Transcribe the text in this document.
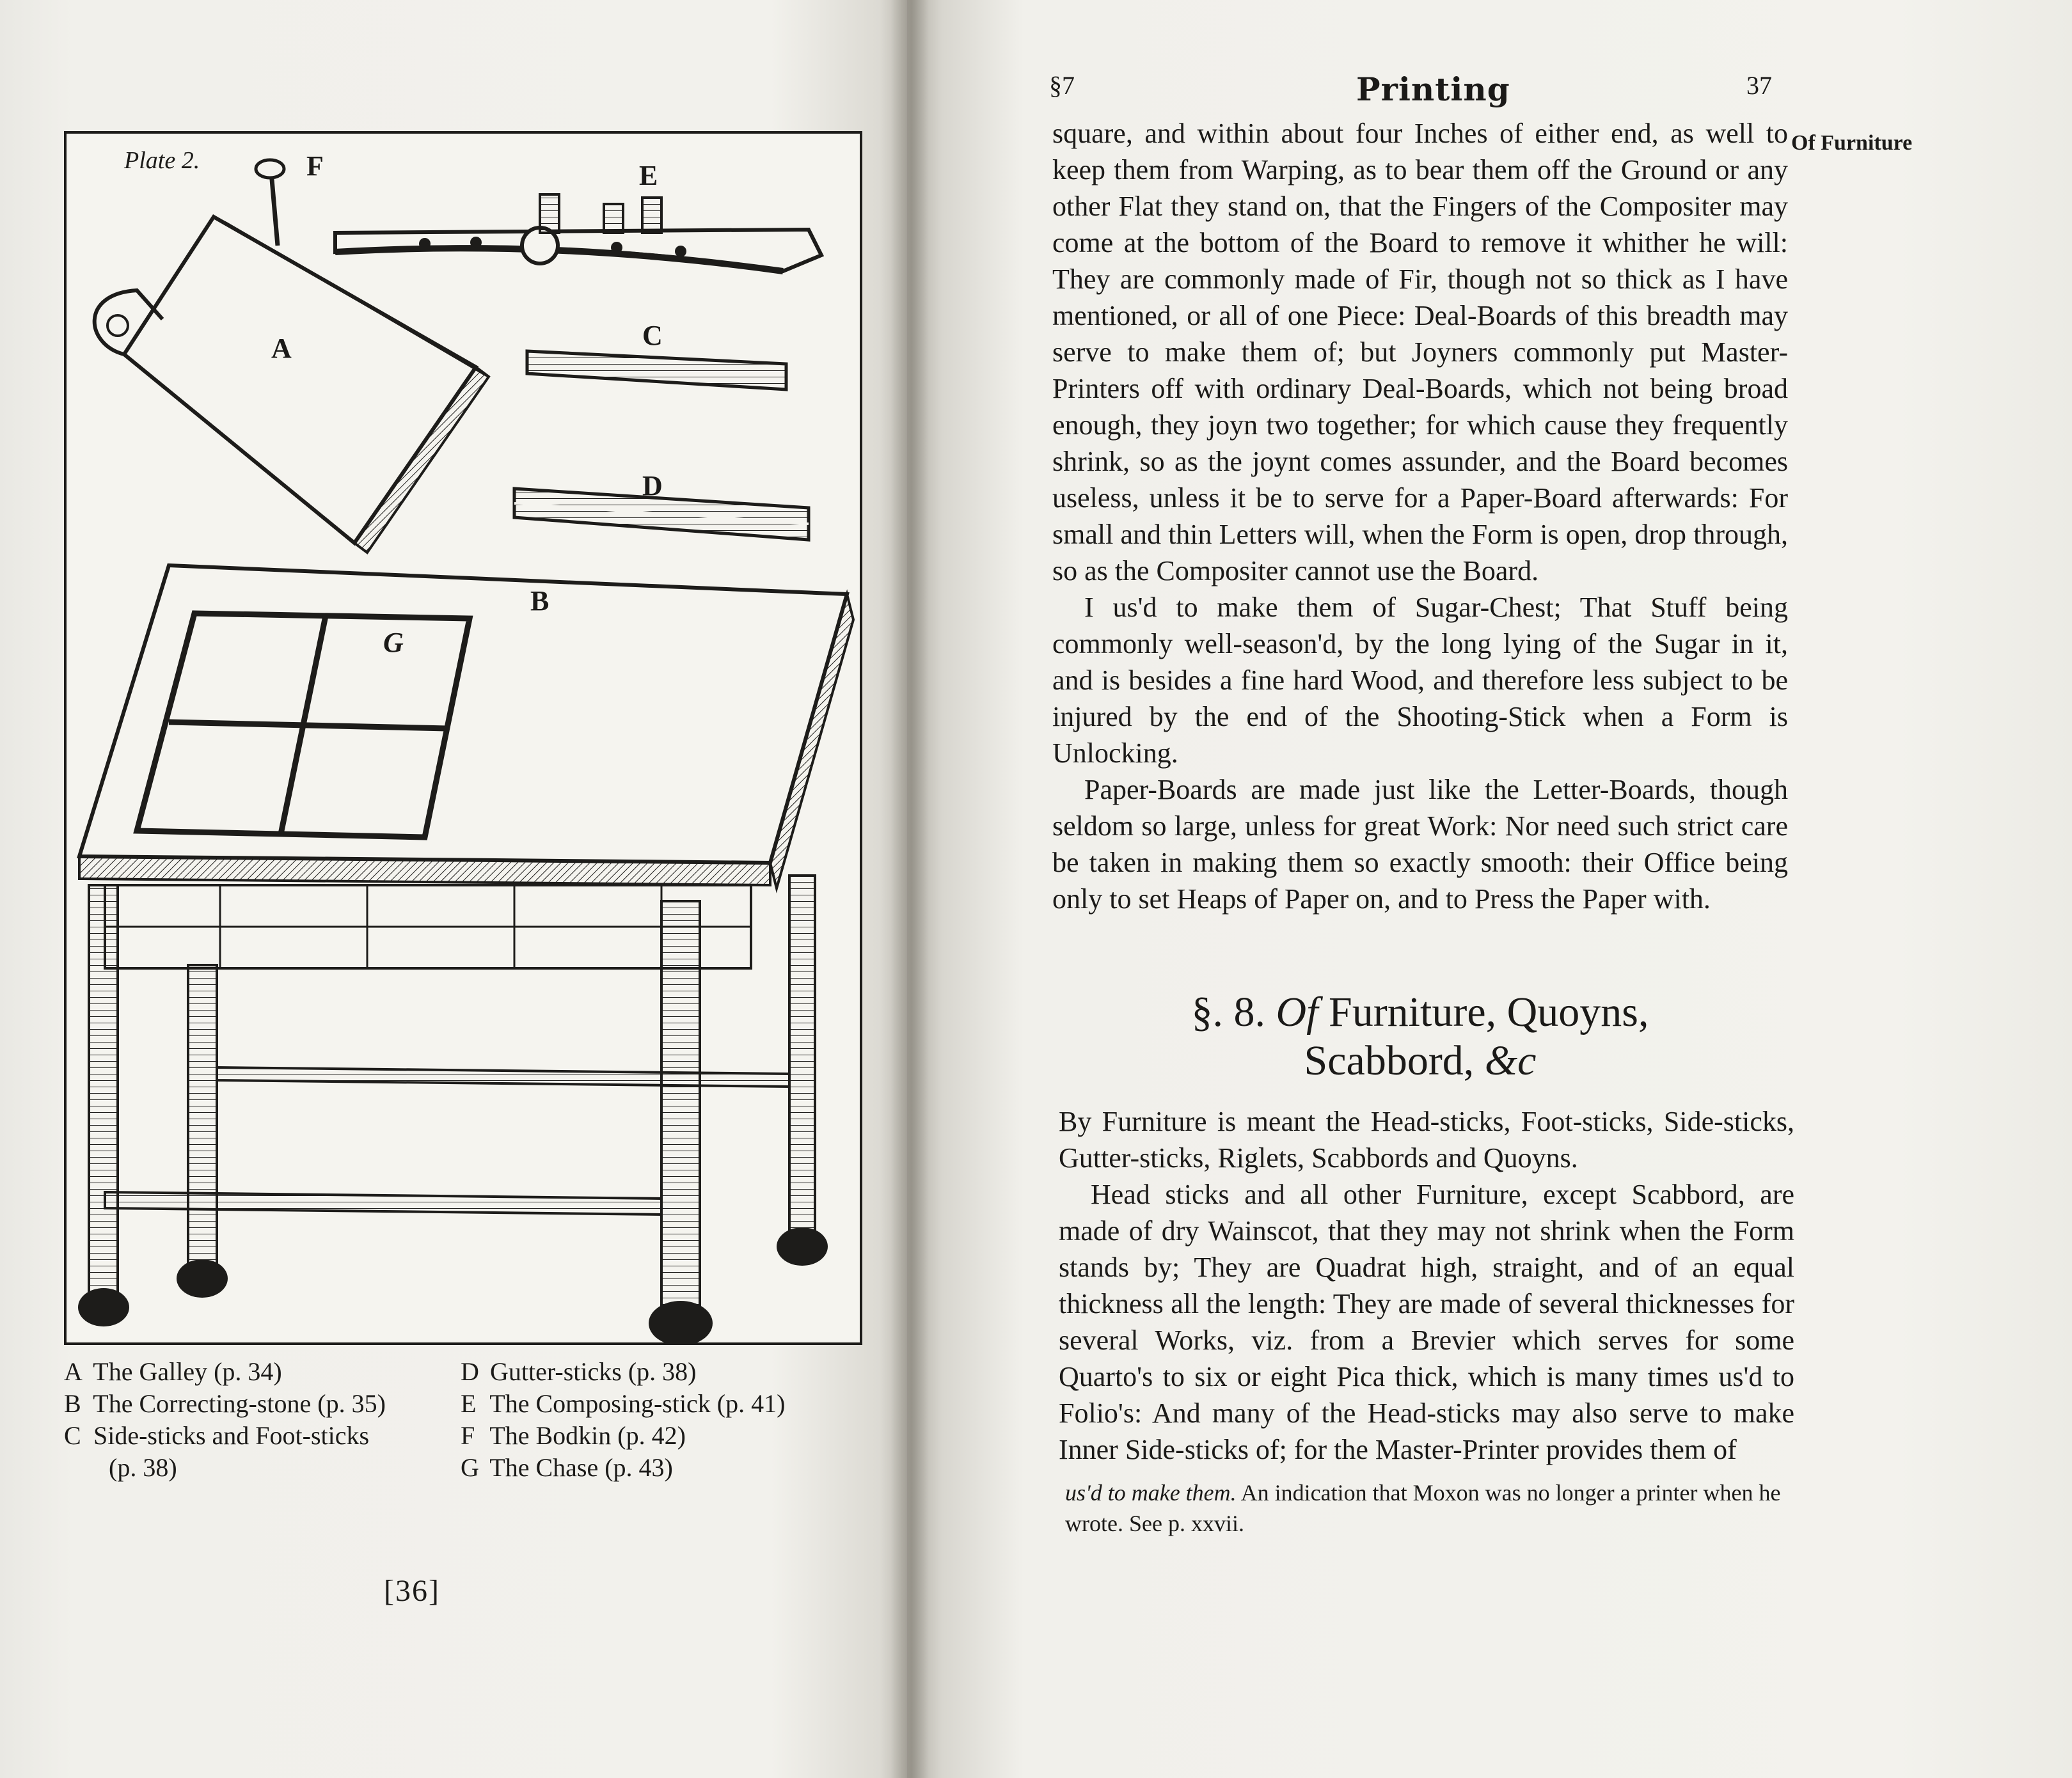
Plate 2.
A
B
C
D
E
F
G
A The Galley (p. 34)
B The Correcting-stone (p. 35)
C Side-sticks and Foot-sticks
(p. 38)
D Gutter-sticks (p. 38)
E The Composing-stick (p. 41)
F The Bodkin (p. 42)
G The Chase (p. 43)
[36]
§7	Printing	37
Of Furniture

square, and within about four Inches of either end, as well to keep them from Warping, as to bear them off the Ground or any other Flat they stand on, that the Fingers of the Compositer may come at the bottom of the Board to remove it whither he will: They are commonly made of Fir, though not so thick as I have mentioned, or all of one Piece: Deal-Boards of this breadth may serve to make them of; but Joyners commonly put Master-Printers off with ordinary Deal-Boards, which not being broad enough, they joyn two together; for which cause they frequently shrink, so as the joynt comes assunder, and the Board becomes useless, unless it be to serve for a Paper-Board afterwards: For small and thin Letters will, when the Form is open, drop through, so as the Compositer cannot use the Board.

I us'd to make them of Sugar-Chest; That Stuff being commonly well-season'd, by the long lying of the Sugar in it, and is besides a fine hard Wood, and therefore less subject to be injured by the end of the Shooting-Stick when a Form is Unlocking.

Paper-Boards are made just like the Letter-Boards, though seldom so large, unless for great Work: Nor need such strict care be taken in making them so exactly smooth: their Office being only to set Heaps of Paper on, and to Press the Paper with.

§. 8. Of Furniture, Quoyns,
Scabbord, &c

By Furniture is meant the Head-sticks, Foot-sticks, Side-sticks, Gutter-sticks, Riglets, Scabbords and Quoyns.

Head sticks and all other Furniture, except Scabbord, are made of dry Wainscot, that they may not shrink when the Form stands by; They are Quadrat high, straight, and of an equal thickness all the length: They are made of several thicknesses for several Works, viz. from a Brevier which serves for some Quarto's to six or eight Pica thick, which is many times us'd to Folio's: And many of the Head-sticks may also serve to make Inner Side-sticks of; for the Master-Printer provides them of

us'd to make them. An indication that Moxon was no longer a printer when he wrote. See p. xxvii.
